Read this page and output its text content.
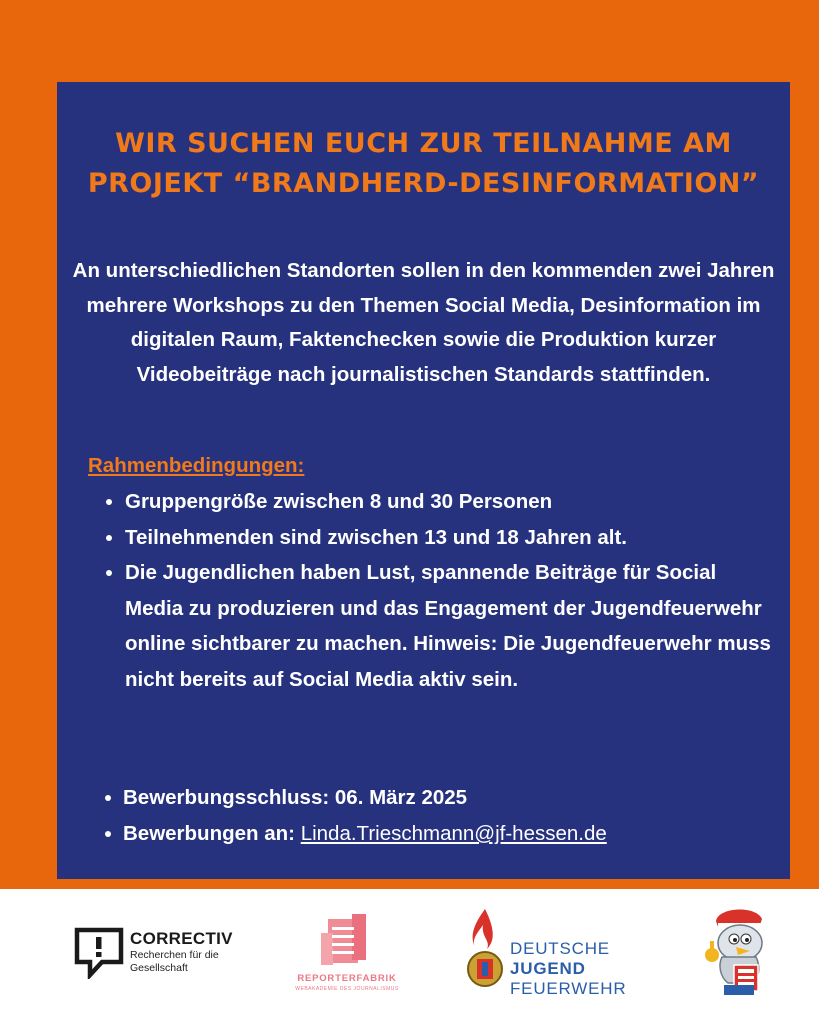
WIR SUCHEN EUCH ZUR TEILNAHME AM
PROJEKT “BRANDHERD-DESINFORMATION”
An unterschiedlichen Standorten sollen in den kommenden zwei Jahren mehrere Workshops zu den Themen Social Media, Desinformation im digitalen Raum, Faktenchecken sowie die Produktion kurzer Videobeiträge nach journalistischen Standards stattfinden.
Rahmenbedingungen:
Gruppengröße zwischen 8 und 30 Personen
Teilnehmenden sind zwischen 13 und 18 Jahren alt.
Die Jugendlichen haben Lust, spannende Beiträge für Social Media zu produzieren und das Engagement der Jugendfeuerwehr online sichtbarer zu machen. Hinweis: Die Jugendfeuerwehr muss nicht bereits auf Social Media aktiv sein.
Bewerbungsschluss: 06. März 2025
Bewerbungen an: Linda.Trieschmann@jf-hessen.de
CORRECTIV
Recherchen für die Gesellschaft
REPORTERFABRIK
WEBAKADEMIE DES JOURNALISMUS
DEUTSCHE
JUGEND
FEUERWEHR
